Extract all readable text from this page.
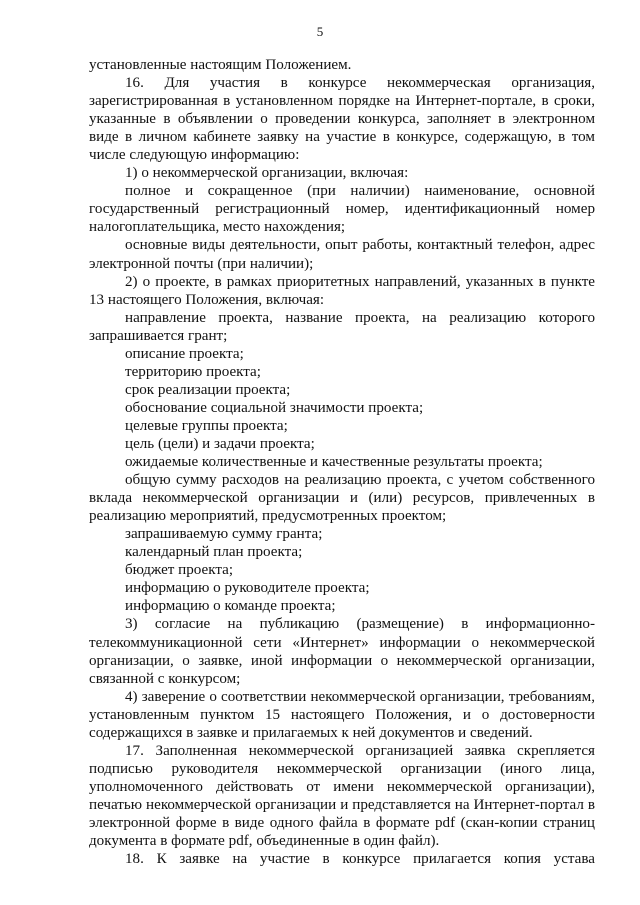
5

установленные настоящим Положением.

16. Для участия в конкурсе некоммерческая организация,

зарегистрированная в установленном порядке на Интернет-портале, в сроки, указанные в объявлении о проведении конкурса, заполняет в электронном виде в личном кабинете заявку на участие в конкурсе, содержащую, в том числе следующую информацию:

1) о некоммерческой организации, включая:

полное и сокращенное (при наличии) наименование, основной государственный регистрационный номер, идентификационный номер налогоплательщика, место нахождения;

основные виды деятельности, опыт работы, контактный телефон, адрес электронной почты (при наличии);

2) о проекте, в рамках приоритетных направлений, указанных в пункте 13 настоящего Положения, включая:

направление проекта, название проекта, на реализацию которого запрашивается грант;

описание проекта;

территорию проекта;

срок реализации проекта;

обоснование социальной значимости проекта;

целевые группы проекта;

цель (цели) и задачи проекта;

ожидаемые количественные и качественные результаты проекта;

общую сумму расходов на реализацию проекта, с учетом собственного вклада некоммерческой организации и (или) ресурсов, привлеченных в реализацию мероприятий, предусмотренных проектом;

запрашиваемую сумму гранта;

календарный план проекта;

бюджет проекта;

информацию о руководителе проекта;

информацию о команде проекта;

3) согласие на публикацию (размещение) в информационно-телекоммуникационной сети «Интернет» информации о некоммерческой организации, о заявке, иной информации о некоммерческой организации, связанной с конкурсом;

4) заверение о соответствии некоммерческой организации, требованиям, установленным пунктом 15 настоящего Положения, и о достоверности содержащихся в заявке и прилагаемых к ней документов и сведений.

17. Заполненная некоммерческой организацией заявка скрепляется подписью руководителя некоммерческой организации (иного лица, уполномоченного действовать от имени некоммерческой организации), печатью некоммерческой организации и представляется на Интернет-портал в электронной форме в виде одного файла в формате pdf (скан-копии страниц документа в формате pdf, объединенные в один файл).

18. К заявке на участие в конкурсе прилагается копия устава
